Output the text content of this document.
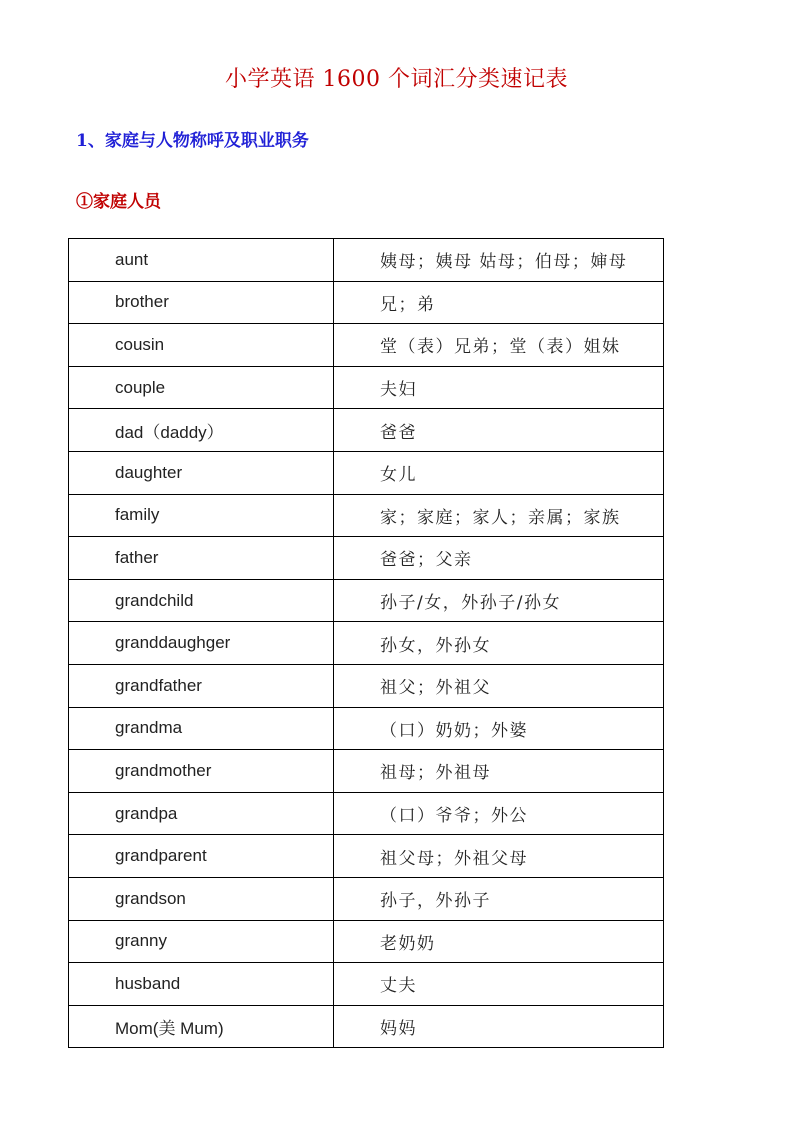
小学英语 1600 个词汇分类速记表
1、家庭与人物称呼及职业职务
①家庭人员
aunt	姨母；姨母 姑母；伯母；婶母
brother	兄；弟
cousin	堂（表）兄弟；堂（表）姐妹
couple	夫妇
dad（daddy）	爸爸
daughter	女儿
family	家；家庭；家人；亲属；家族
father	爸爸；父亲
grandchild	孙子/女，外孙子/孙女
granddaughger	孙女，外孙女
grandfather	祖父；外祖父
grandma	（口）奶奶；外婆
grandmother	祖母；外祖母
grandpa	（口）爷爷；外公
grandparent	祖父母；外祖父母
grandson	孙子，外孙子
granny	老奶奶
husband	丈夫
Mom(美 Mum)	妈妈
